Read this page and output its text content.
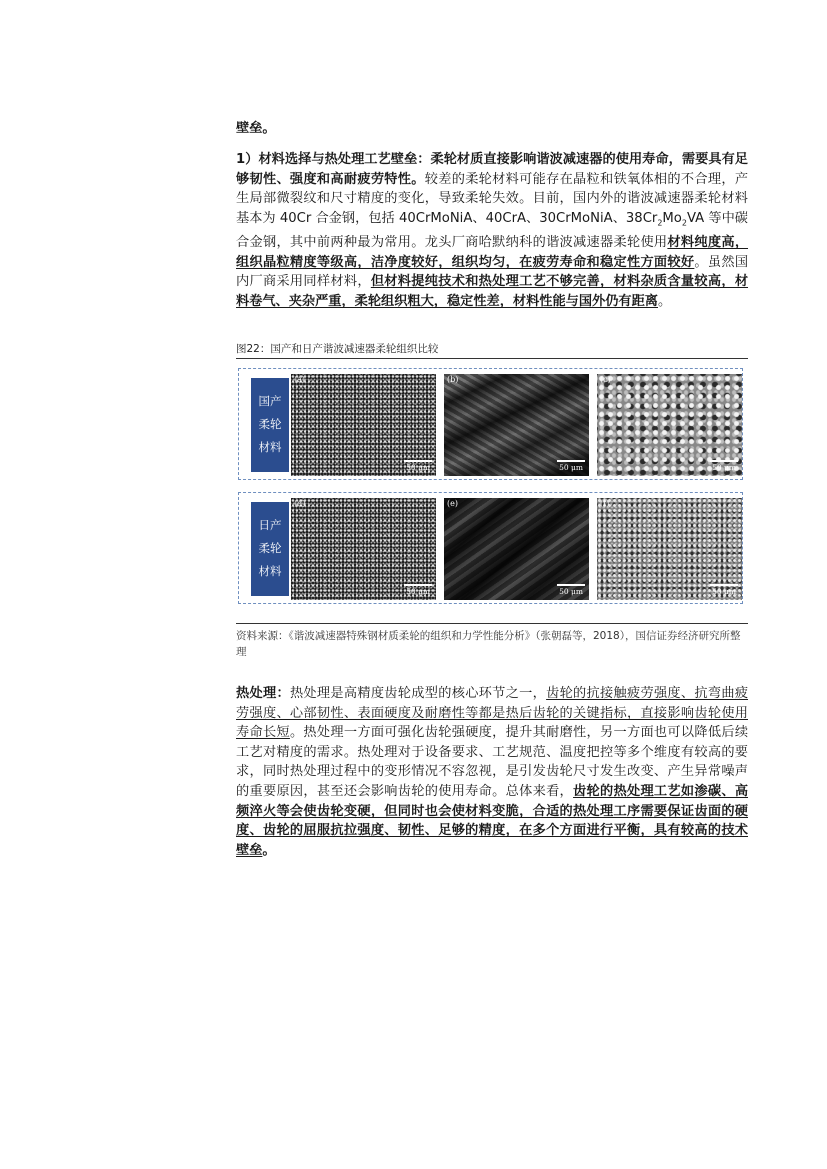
壁垒。
1）材料选择与热处理工艺壁垒：柔轮材质直接影响谐波减速器的使用寿命，需要具有足够韧性、强度和高耐疲劳特性。较差的柔轮材料可能存在晶粒和铁氧体相的不合理，产生局部微裂纹和尺寸精度的变化，导致柔轮失效。目前，国内外的谐波减速器柔轮材料基本为 40Cr 合金钢，包括 40CrMoNiA、40CrA、30CrMoNiA、$38Cr_2Mo_2VA$ 等中碳合金钢，其中前两种最为常用。龙头厂商哈默纳科的谐波减速器柔轮使用材料纯度高，组织晶粒精度等级高，洁净度较好，组织均匀，在疲劳寿命和稳定性方面较好。虽然国内厂商采用同样材料，但材料提纯技术和热处理工艺不够完善，材料杂质含量较高，材料卷气、夹杂严重，柔轮组织粗大，稳定性差，材料性能与国外仍有距离。
图22：国产和日产谐波减速器柔轮组织比较
国产
柔轮
材料
(a)
50 μm
(b)
50 μm
(c)
50 μm
日产
柔轮
材料
(d)
50 μm
(e)
50 μm
(f)
50 μm
资料来源：《谐波减速器特殊钢材质柔轮的组织和力学性能分析》（张朝磊等，2018），国信证券经济研究所整理
热处理：热处理是高精度齿轮成型的核心环节之一，齿轮的抗接触疲劳强度、抗弯曲疲劳强度、心部韧性、表面硬度及耐磨性等都是热后齿轮的关键指标，直接影响齿轮使用寿命长短。热处理一方面可强化齿轮强硬度，提升其耐磨性，另一方面也可以降低后续工艺对精度的需求。热处理对于设备要求、工艺规范、温度把控等多个维度有较高的要求，同时热处理过程中的变形情况不容忽视，是引发齿轮尺寸发生改变、产生异常噪声的重要原因，甚至还会影响齿轮的使用寿命。总体来看，齿轮的热处理工艺如渗碳、高频淬火等会使齿轮变硬，但同时也会使材料变脆，合适的热处理工序需要保证齿面的硬度、齿轮的屈服抗拉强度、韧性、足够的精度，在多个方面进行平衡，具有较高的技术壁垒。
